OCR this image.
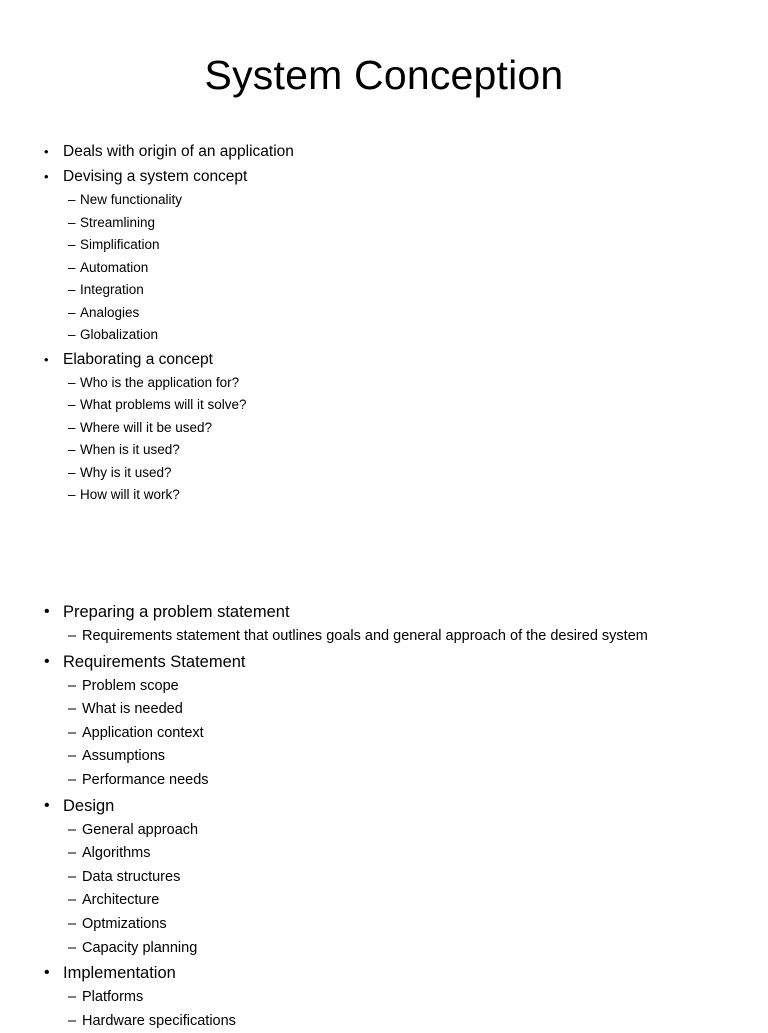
System Conception
• Deals with origin of an application
• Devising a system concept
– New functionality
– Streamlining
– Simplification
– Automation
– Integration
– Analogies
– Globalization
• Elaborating a concept
– Who is the application for?
– What problems will it solve?
– Where will it be used?
– When is it used?
– Why is it used?
– How will it work?
• Preparing a problem statement
– Requirements statement that outlines goals and general approach of the desired system
• Requirements Statement
– Problem scope
– What is needed
– Application context
– Assumptions
– Performance needs
• Design
– General approach
– Algorithms
– Data structures
– Architecture
– Optmizations
– Capacity planning
• Implementation
– Platforms
– Hardware specifications
